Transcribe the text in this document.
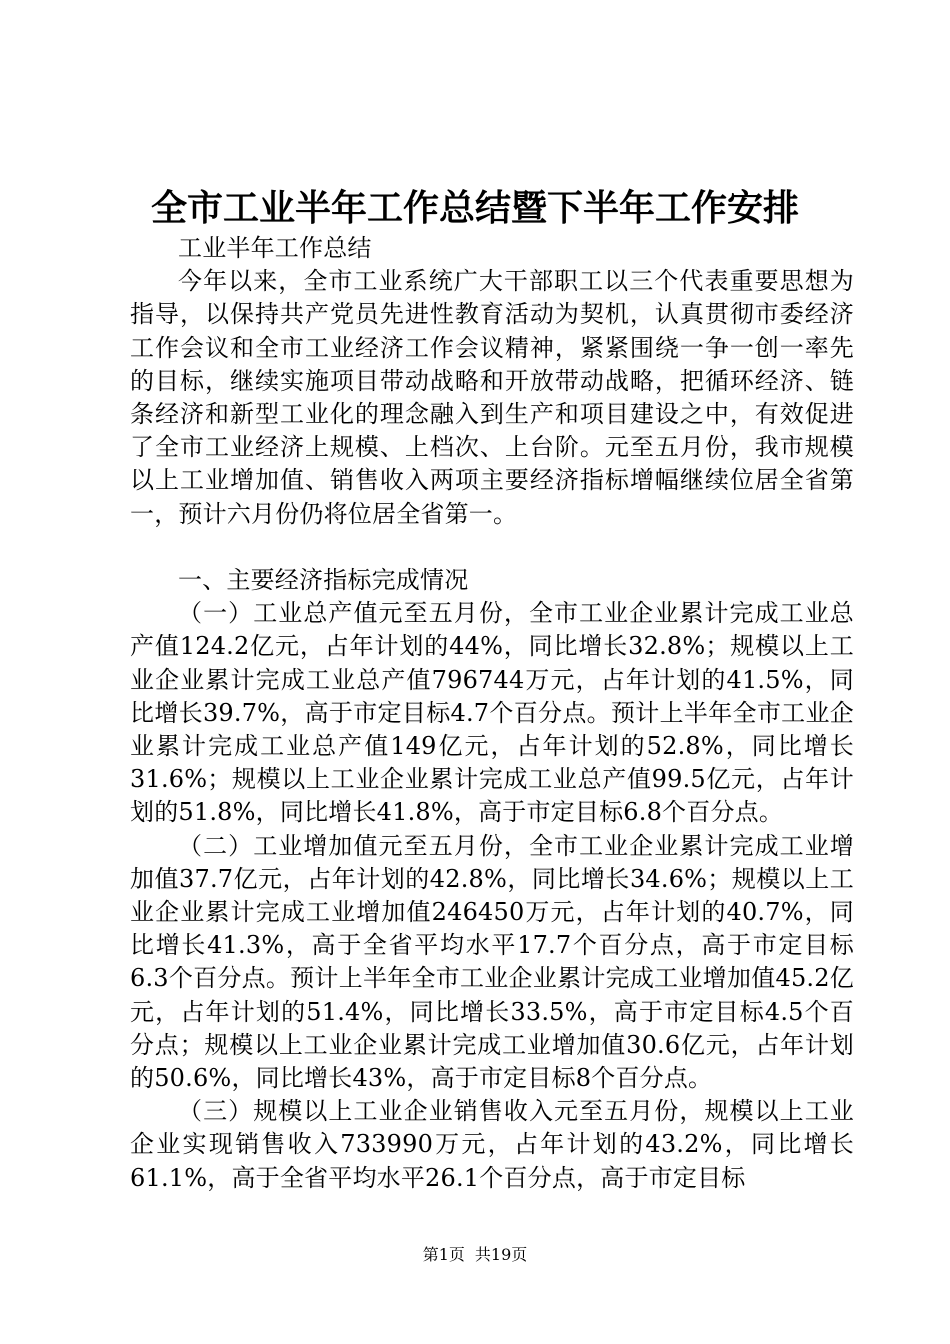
全市工业半年工作总结暨下半年工作安排

工业半年工作总结

今年以来，全市工业系统广大干部职工以三个代表重要思想为指导，以保持共产党员先进性教育活动为契机，认真贯彻市委经济工作会议和全市工业经济工作会议精神，紧紧围绕一争一创一率先的目标，继续实施项目带动战略和开放带动战略，把循环经济、链条经济和新型工业化的理念融入到生产和项目建设之中，有效促进了全市工业经济上规模、上档次、上台阶。元至五月份，我市规模以上工业增加值、销售收入两项主要经济指标增幅继续位居全省第一，预计六月份仍将位居全省第一。

一、主要经济指标完成情况

（一）工业总产值元至五月份，全市工业企业累计完成工业总产值124.2亿元，占年计划的44%，同比增长32.8%；规模以上工业企业累计完成工业总产值796744万元，占年计划的41.5%，同比增长39.7%，高于市定目标4.7个百分点。预计上半年全市工业企业累计完成工业总产值149亿元，占年计划的52.8%，同比增长31.6%；规模以上工业企业累计完成工业总产值99.5亿元，占年计划的51.8%，同比增长41.8%，高于市定目标6.8个百分点。

（二）工业增加值元至五月份，全市工业企业累计完成工业增加值37.7亿元，占年计划的42.8%，同比增长34.6%；规模以上工业企业累计完成工业增加值246450万元，占年计划的40.7%，同比增长41.3%，高于全省平均水平17.7个百分点，高于市定目标6.3个百分点。预计上半年全市工业企业累计完成工业增加值45.2亿元，占年计划的51.4%，同比增长33.5%，高于市定目标4.5个百分点；规模以上工业企业累计完成工业增加值30.6亿元，占年计划的50.6%，同比增长43%，高于市定目标8个百分点。

（三）规模以上工业企业销售收入元至五月份，规模以上工业企业实现销售收入733990万元，占年计划的43.2%，同比增长61.1%，高于全省平均水平26.1个百分点，高于市定目标

第1页 共19页
